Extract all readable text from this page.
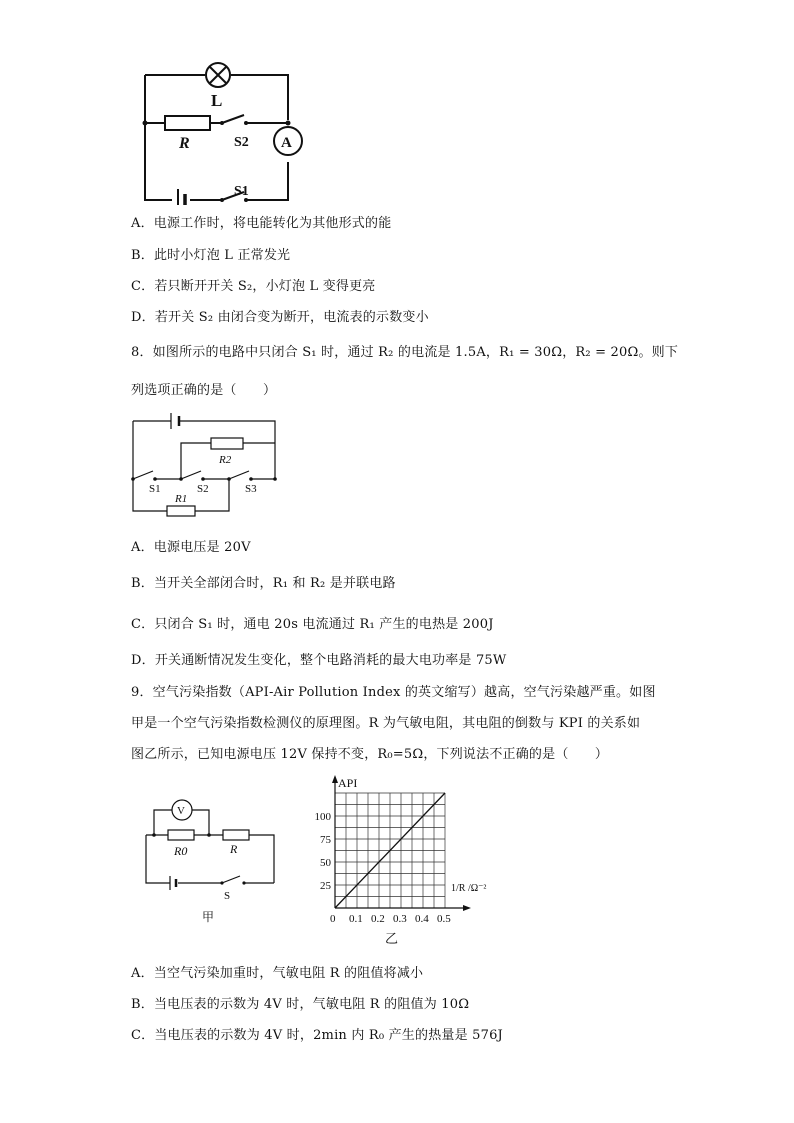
L
R	S2 A
S1
A．电源工作时，将电能转化为其他形式的能
B．此时小灯泡 L 正常发光
C．若只断开开关 S₂，小灯泡 L 变得更亮
D．若开关 S₂ 由闭合变为断开，电流表的示数变小
8．如图所示的电路中只闭合 S₁ 时，通过 R₂ 的电流是 1.5A，R₁ = 30Ω，R₂ = 20Ω。则下
列选项正确的是（　　）
R2
S1	S2	S3
R1
A．电源电压是 20V
B．当开关全部闭合时，R₁ 和 R₂ 是并联电路
C．只闭合 S₁ 时，通电 20s 电流通过 R₁ 产生的电热是 200J
D．开关通断情况发生变化，整个电路消耗的最大电功率是 75W
9．空气污染指数（API-Air Pollution Index 的英文缩写）越高，空气污染越严重。如图
甲是一个空气污染指数检测仪的原理图。R 为气敏电阻，其电阻的倒数与 KPI 的关系如
图乙所示，已知电源电压 12V 保持不变，R₀=5Ω，下列说法不正确的是（　　）
V
R0	R
S
甲	0 0.1 0.2 0.3 0.4 0.5
25
50
75
100
API
1/R /Ω⁻²
乙
A．当空气污染加重时，气敏电阻 R 的阻值将减小
B．当电压表的示数为 4V 时，气敏电阻 R 的阻值为 10Ω
C．当电压表的示数为 4V 时，2min 内 R₀ 产生的热量是 576J
